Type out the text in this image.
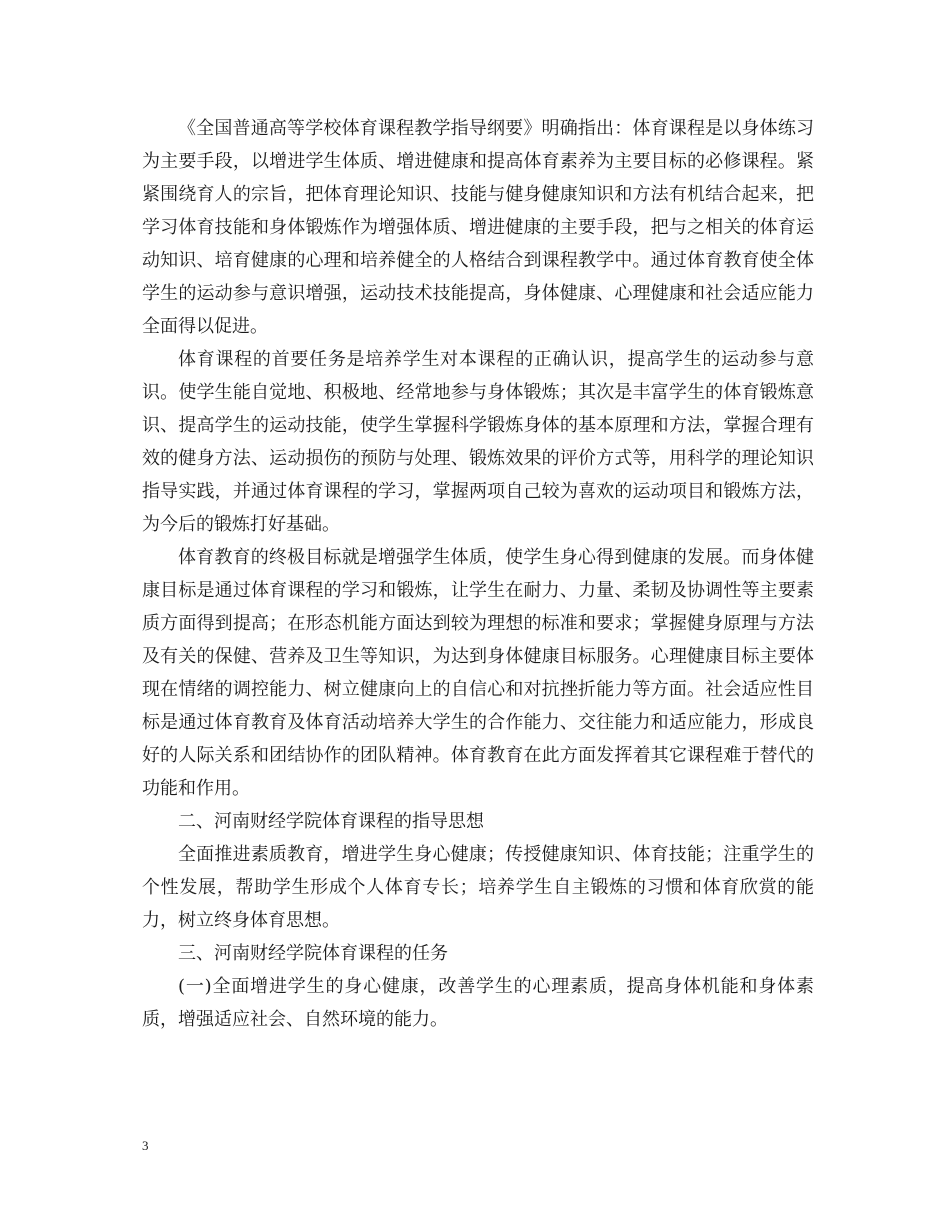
《全国普通高等学校体育课程教学指导纲要》明确指出：体育课程是以身体练习为主要手段，以增进学生体质、增进健康和提高体育素养为主要目标的必修课程。紧紧围绕育人的宗旨，把体育理论知识、技能与健身健康知识和方法有机结合起来，把学习体育技能和身体锻炼作为增强体质、增进健康的主要手段，把与之相关的体育运动知识、培育健康的心理和培养健全的人格结合到课程教学中。通过体育教育使全体学生的运动参与意识增强，运动技术技能提高，身体健康、心理健康和社会适应能力全面得以促进。

体育课程的首要任务是培养学生对本课程的正确认识，提高学生的运动参与意识。使学生能自觉地、积极地、经常地参与身体锻炼；其次是丰富学生的体育锻炼意识、提高学生的运动技能，使学生掌握科学锻炼身体的基本原理和方法，掌握合理有效的健身方法、运动损伤的预防与处理、锻炼效果的评价方式等，用科学的理论知识指导实践，并通过体育课程的学习，掌握两项自己较为喜欢的运动项目和锻炼方法，为今后的锻炼打好基础。

体育教育的终极目标就是增强学生体质，使学生身心得到健康的发展。而身体健康目标是通过体育课程的学习和锻炼，让学生在耐力、力量、柔韧及协调性等主要素质方面得到提高；在形态机能方面达到较为理想的标准和要求；掌握健身原理与方法及有关的保健、营养及卫生等知识，为达到身体健康目标服务。心理健康目标主要体现在情绪的调控能力、树立健康向上的自信心和对抗挫折能力等方面。社会适应性目标是通过体育教育及体育活动培养大学生的合作能力、交往能力和适应能力，形成良好的人际关系和团结协作的团队精神。体育教育在此方面发挥着其它课程难于替代的功能和作用。

二、河南财经学院体育课程的指导思想

全面推进素质教育，增进学生身心健康；传授健康知识、体育技能；注重学生的个性发展，帮助学生形成个人体育专长；培养学生自主锻炼的习惯和体育欣赏的能力，树立终身体育思想。

三、河南财经学院体育课程的任务

(一)全面增进学生的身心健康，改善学生的心理素质，提高身体机能和身体素质，增强适应社会、自然环境的能力。

3
